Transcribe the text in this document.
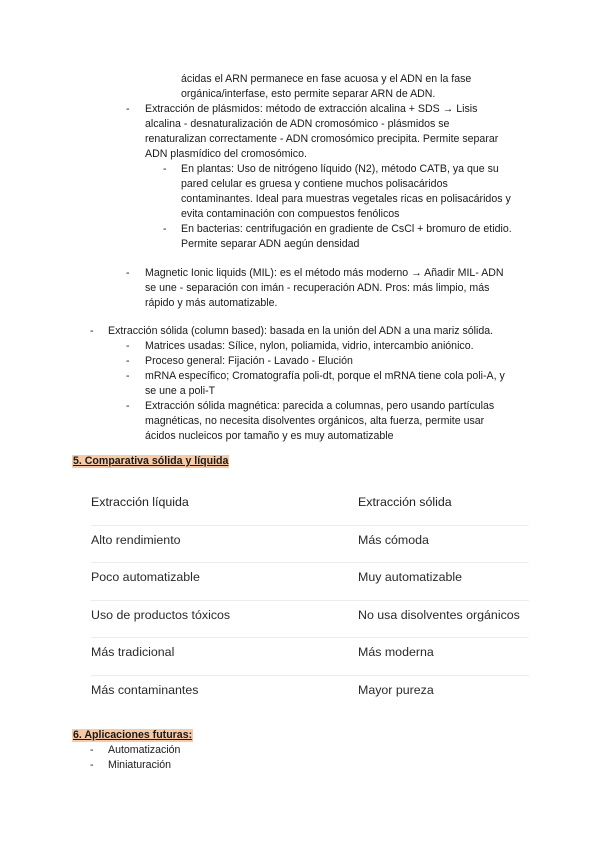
ácidas el ARN permanece en fase acuosa y el ADN en la fase
orgánica/interfase, esto permite separar ARN de ADN.
- Extracción de plásmidos: método de extracción alcalina + SDS → Lisis
alcalina - desnaturalización de ADN cromosómico - plásmidos se
renaturalizan correctamente - ADN cromosómico precipita. Permite separar
ADN plasmídico del cromosómico.
- En plantas: Uso de nitrógeno líquido (N2), método CATB, ya que su
pared celular es gruesa y contiene muchos polisacáridos
contaminantes. Ideal para muestras vegetales ricas en polisacáridos y
evita contaminación con compuestos fenólicos
- En bacterias: centrifugación en gradiente de CsCl + bromuro de etidio.
Permite separar ADN aegún densidad
- Magnetic Ionic liquids (MIL): es el método más moderno → Añadir MIL- ADN
se une - separación con imán - recuperación ADN. Pros: más limpio, más
rápido y más automatizable.
- Extracción sólida (column based): basada en la unión del ADN a una mariz sólida.
- Matrices usadas: Sílice, nylon, poliamida, vidrio, intercambio aniónico.
- Proceso general: Fijación - Lavado - Elución
- mRNA específico; Cromatografía poli-dt, porque el mRNA tiene cola poli-A, y
se une a poli-T
- Extracción sólida magnética: parecida a columnas, pero usando partículas
magnéticas, no necesita disolventes orgánicos, alta fuerza, permite usar
ácidos nucleicos por tamaño y es muy automatizable
5. Comparativa sólida y líquida
Extracción líquida	Extracción sólida
Alto rendimiento	Más cómoda
Poco automatizable	Muy automatizable
Uso de productos tóxicos	No usa disolventes orgánicos
Más tradicional	Más moderna
Más contaminantes	Mayor pureza
6. Aplicaciones futuras:
- Automatización
- Miniaturación
